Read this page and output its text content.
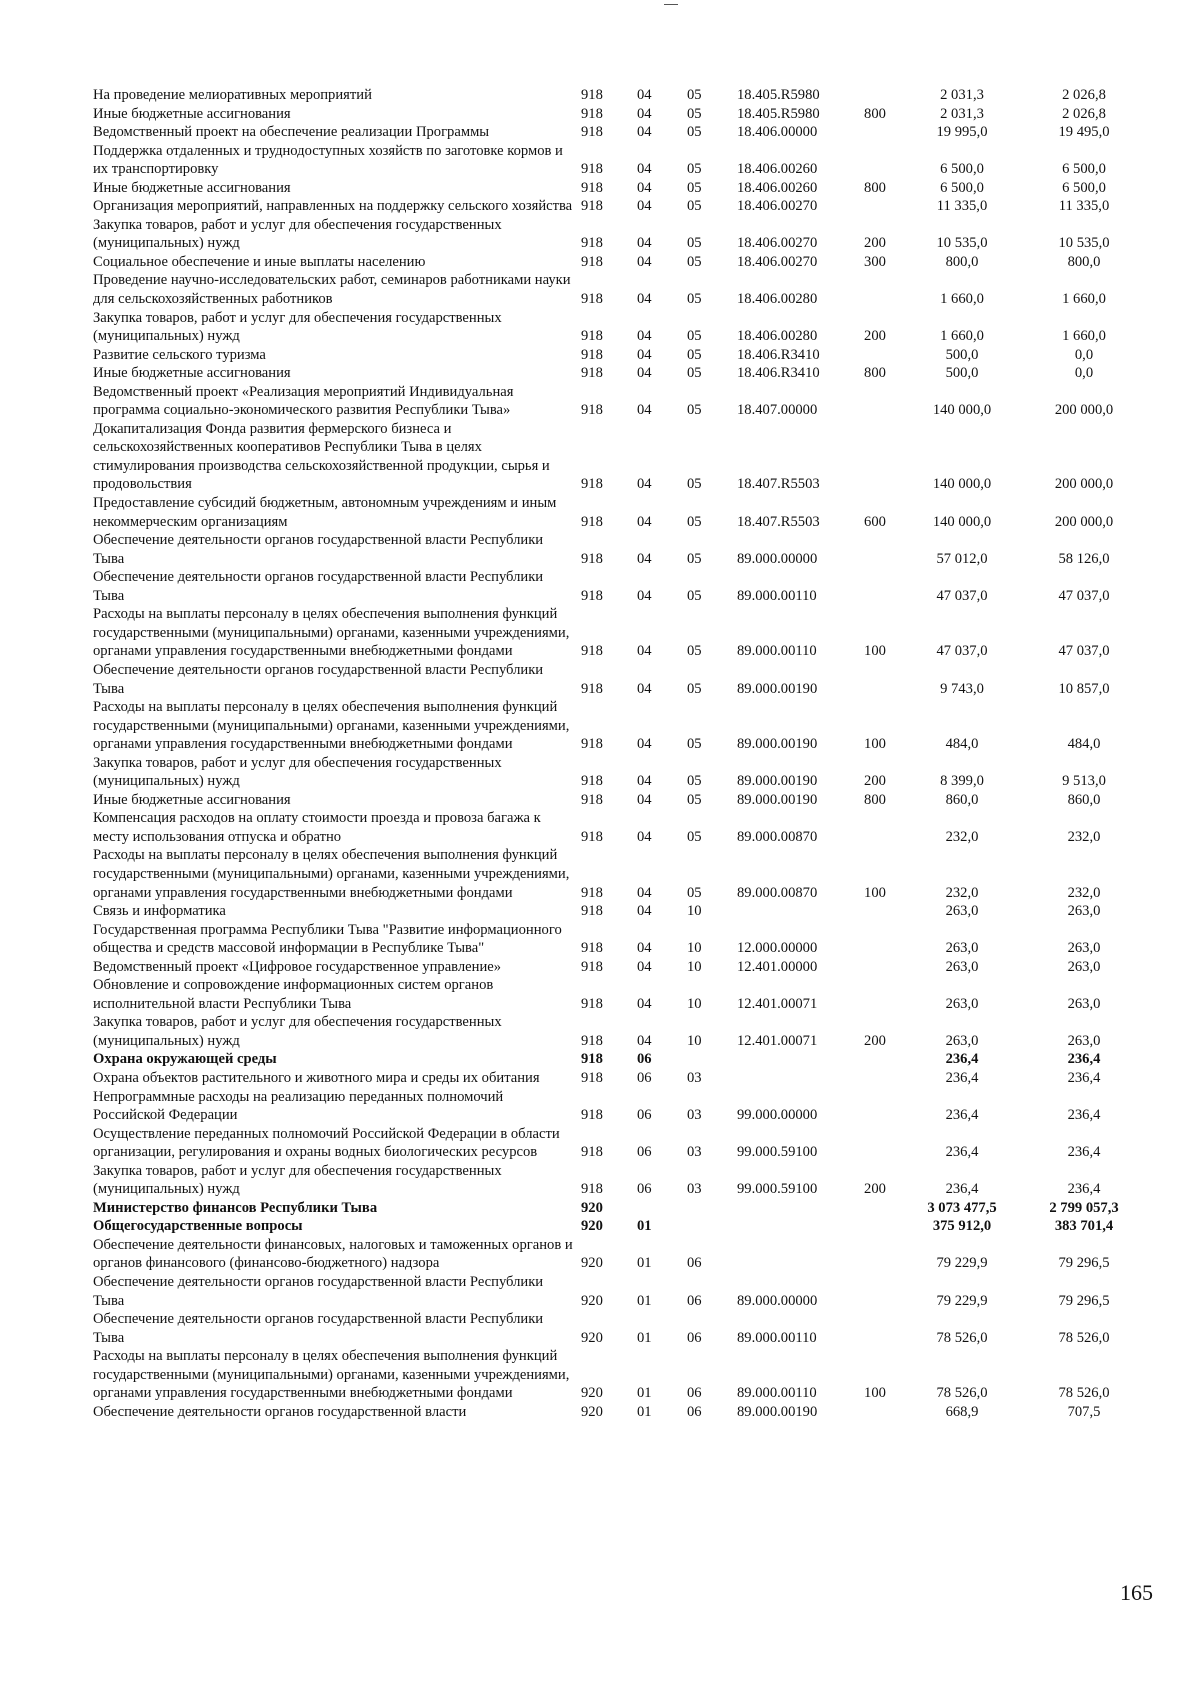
На проведение мелиоративных мероприятий	918	04	05	18.405.R5980		2 031,3	2 026,8
Иные бюджетные ассигнования	918	04	05	18.405.R5980	800	2 031,3	2 026,8
Ведомственный проект на обеспечение реализации Программы	918	04	05	18.406.00000		19 995,0	19 495,0
Поддержка отдаленных и труднодоступных хозяйств по заготовке кормов и их транспортировку	918	04	05	18.406.00260		6 500,0	6 500,0
Иные бюджетные ассигнования	918	04	05	18.406.00260	800	6 500,0	6 500,0
Организация мероприятий, направленных на поддержку сельского хозяйства	918	04	05	18.406.00270		11 335,0	11 335,0
Закупка товаров, работ и услуг для обеспечения государственных (муниципальных) нужд	918	04	05	18.406.00270	200	10 535,0	10 535,0
Социальное обеспечение и иные выплаты населению	918	04	05	18.406.00270	300	800,0	800,0
Проведение научно-исследовательских работ, семинаров работниками науки для сельскохозяйственных работников	918	04	05	18.406.00280		1 660,0	1 660,0
Закупка товаров, работ и услуг для обеспечения государственных (муниципальных) нужд	918	04	05	18.406.00280	200	1 660,0	1 660,0
Развитие сельского туризма	918	04	05	18.406.R3410		500,0	0,0
Иные бюджетные ассигнования	918	04	05	18.406.R3410	800	500,0	0,0
Ведомственный проект «Реализация мероприятий Индивидуальная программа социально-экономического развития Республики Тыва»	918	04	05	18.407.00000		140 000,0	200 000,0
Докапитализация Фонда развития фермерского бизнеса и сельскохозяйственных кооперативов Республики Тыва в целях стимулирования производства сельскохозяйственной продукции, сырья и продовольствия	918	04	05	18.407.R5503		140 000,0	200 000,0
Предоставление субсидий бюджетным, автономным учреждениям и иным некоммерческим организациям	918	04	05	18.407.R5503	600	140 000,0	200 000,0
Обеспечение деятельности органов государственной власти Республики Тыва	918	04	05	89.000.00000		57 012,0	58 126,0
Обеспечение деятельности органов государственной власти Республики Тыва	918	04	05	89.000.00110		47 037,0	47 037,0
Расходы на выплаты персоналу в целях обеспечения выполнения функций государственными (муниципальными) органами, казенными учреждениями, органами управления государственными внебюджетными фондами	918	04	05	89.000.00110	100	47 037,0	47 037,0
Обеспечение деятельности органов государственной власти Республики Тыва	918	04	05	89.000.00190		9 743,0	10 857,0
Расходы на выплаты персоналу в целях обеспечения выполнения функций государственными (муниципальными) органами, казенными учреждениями, органами управления государственными внебюджетными фондами	918	04	05	89.000.00190	100	484,0	484,0
Закупка товаров, работ и услуг для обеспечения государственных (муниципальных) нужд	918	04	05	89.000.00190	200	8 399,0	9 513,0
Иные бюджетные ассигнования	918	04	05	89.000.00190	800	860,0	860,0
Компенсация расходов на оплату стоимости проезда и провоза багажа к месту использования отпуска и обратно	918	04	05	89.000.00870		232,0	232,0
Расходы на выплаты персоналу в целях обеспечения выполнения функций государственными (муниципальными) органами, казенными учреждениями, органами управления государственными внебюджетными фондами	918	04	05	89.000.00870	100	232,0	232,0
Связь и информатика	918	04	10			263,0	263,0
Государственная программа Республики Тыва "Развитие информационного общества и средств массовой информации в Республике Тыва"	918	04	10	12.000.00000		263,0	263,0
Ведомственный проект «Цифровое государственное управление»	918	04	10	12.401.00000		263,0	263,0
Обновление и сопровождение информационных систем органов исполнительной власти Республики Тыва	918	04	10	12.401.00071		263,0	263,0
Закупка товаров, работ и услуг для обеспечения государственных (муниципальных) нужд	918	04	10	12.401.00071	200	263,0	263,0
Охрана окружающей среды	918	06				236,4	236,4
Охрана объектов растительного и животного мира и среды их обитания	918	06	03			236,4	236,4
Непрограммные расходы на реализацию переданных полномочий Российской Федерации	918	06	03	99.000.00000		236,4	236,4
Осуществление переданных полномочий Российской Федерации в области организации, регулирования и охраны водных биологических ресурсов	918	06	03	99.000.59100		236,4	236,4
Закупка товаров, работ и услуг для обеспечения государственных (муниципальных) нужд	918	06	03	99.000.59100	200	236,4	236,4
Министерство финансов Республики Тыва	920					3 073 477,5	2 799 057,3
Общегосударственные вопросы	920	01				375 912,0	383 701,4
Обеспечение деятельности финансовых, налоговых и таможенных органов и органов финансового (финансово-бюджетного) надзора	920	01	06			79 229,9	79 296,5
Обеспечение деятельности органов государственной власти Республики Тыва	920	01	06	89.000.00000		79 229,9	79 296,5
Обеспечение деятельности органов государственной власти Республики Тыва	920	01	06	89.000.00110		78 526,0	78 526,0
Расходы на выплаты персоналу в целях обеспечения выполнения функций государственными (муниципальными) органами, казенными учреждениями, органами управления государственными внебюджетными фондами	920	01	06	89.000.00110	100	78 526,0	78 526,0
Обеспечение деятельности органов государственной власти	920	01	06	89.000.00190		668,9	707,5
165
